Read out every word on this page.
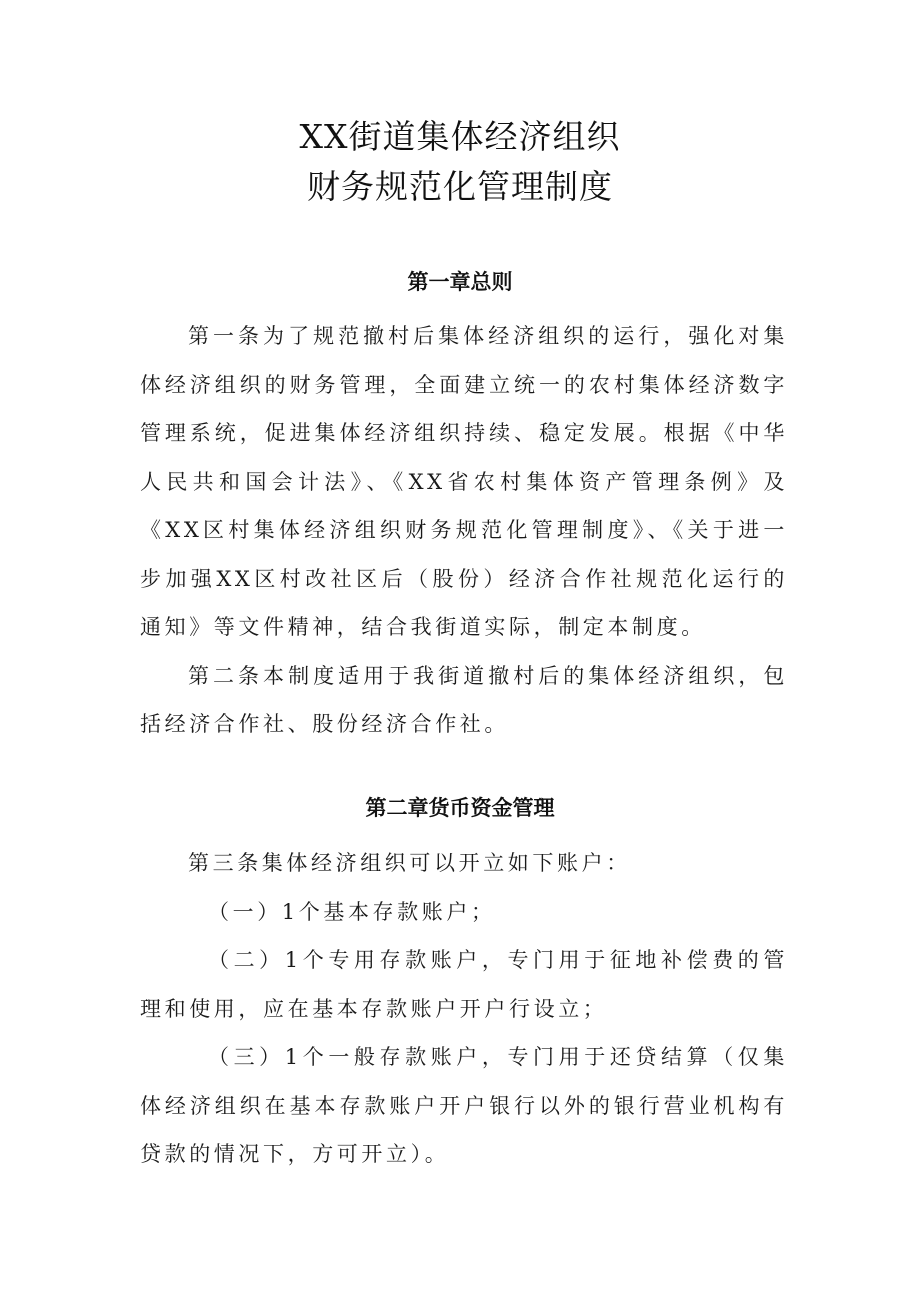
XX街道集体经济组织

财务规范化管理制度

第一章总则

第一条为了规范撤村后集体经济组织的运行，强化对集体经济组织的财务管理，全面建立统一的农村集体经济数字管理系统，促进集体经济组织持续、稳定发展。根据《中华人民共和国会计法》、《XX省农村集体资产管理条例》及《XX区村集体经济组织财务规范化管理制度》、《关于进一步加强XX区村改社区后（股份）经济合作社规范化运行的通知》等文件精神，结合我街道实际，制定本制度。

第二条本制度适用于我街道撤村后的集体经济组织，包括经济合作社、股份经济合作社。

第二章货币资金管理

第三条集体经济组织可以开立如下账户：

（一）1个基本存款账户；

（二）1个专用存款账户，专门用于征地补偿费的管理和使用，应在基本存款账户开户行设立；

（三）1个一般存款账户，专门用于还贷结算（仅集体经济组织在基本存款账户开户银行以外的银行营业机构有贷款的情况下，方可开立）。
